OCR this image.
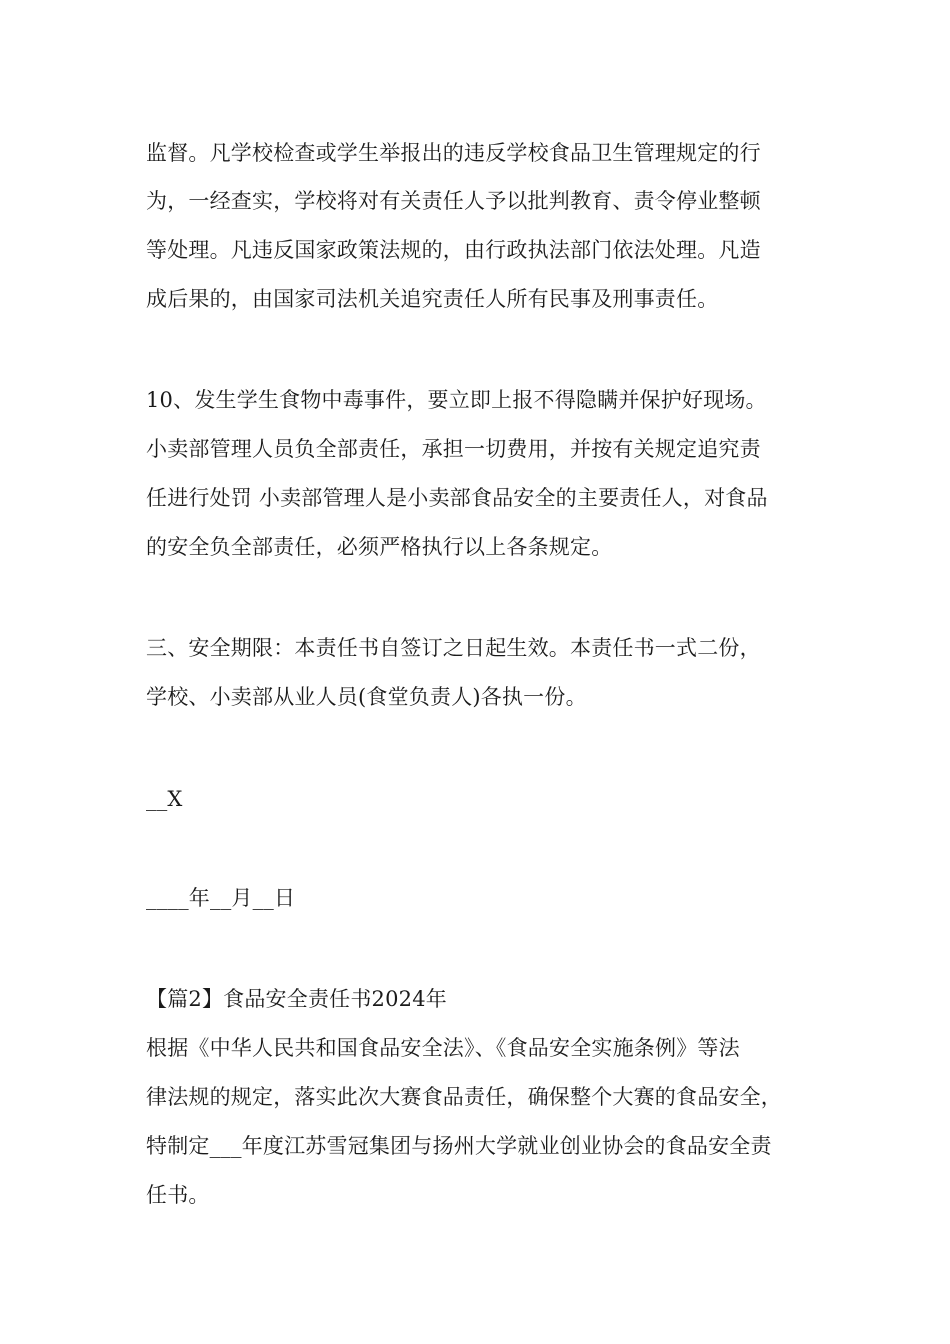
监督。凡学校检查或学生举报出的违反学校食品卫生管理规定的行
为，一经查实，学校将对有关责任人予以批判教育、责令停业整顿
等处理。凡违反国家政策法规的，由行政执法部门依法处理。凡造
成后果的，由国家司法机关追究责任人所有民事及刑事责任。
10、发生学生食物中毒事件，要立即上报不得隐瞒并保护好现场。
小卖部管理人员负全部责任，承担一切费用，并按有关规定追究责
任进行处罚 小卖部管理人是小卖部食品安全的主要责任人，对食品
的安全负全部责任，必须严格执行以上各条规定。
三、安全期限：本责任书自签订之日起生效。本责任书一式二份，
学校、小卖部从业人员(食堂负责人)各执一份。
__X
____年__月__日
【篇2】食品安全责任书2024年
根据《中华人民共和国食品安全法》、《食品安全实施条例》等法
律法规的规定，落实此次大赛食品责任，确保整个大赛的食品安全，
特制定___年度江苏雪冠集团与扬州大学就业创业协会的食品安全责
任书。
